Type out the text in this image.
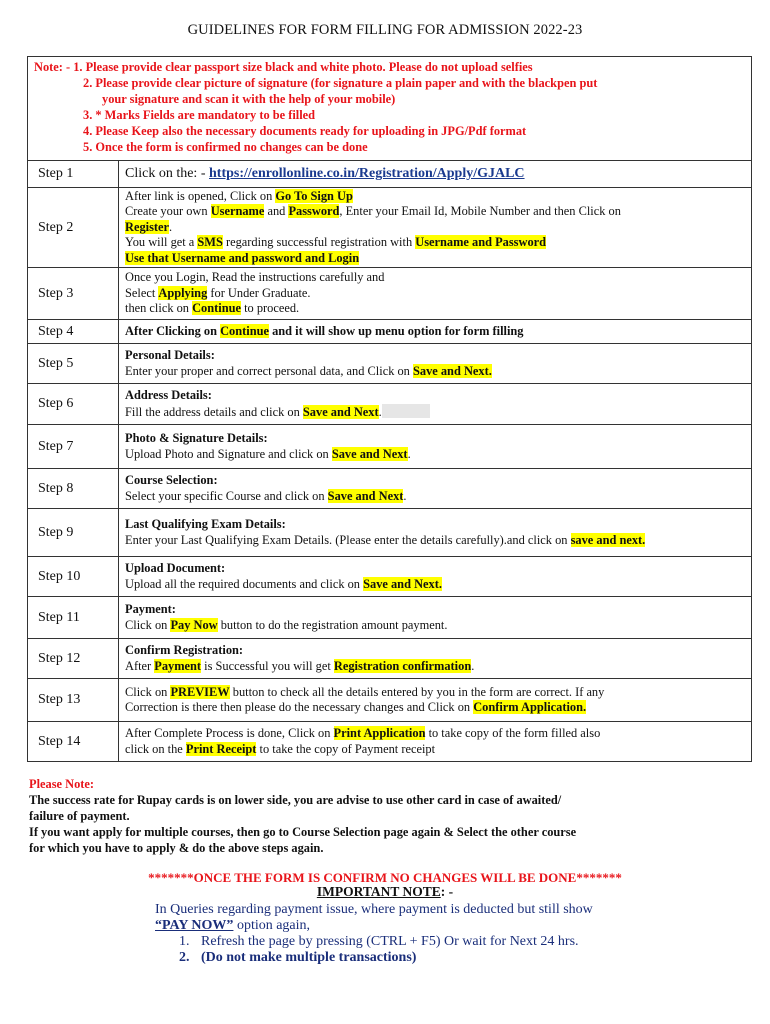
GUIDELINES FOR FORM FILLING FOR ADMISSION 2022-23
Note: - 1. Please provide clear passport size black and white photo. Please do not upload selfies
2. Please provide clear picture of signature (for signature a plain paper and with the blackpen put
your signature and scan it with the help of your mobile)
3. * Marks Fields are mandatory to be filled
4. Please Keep also the necessary documents ready for uploading in JPG/Pdf format
5. Once the form is confirmed no changes can be done
Step 1	Click on the: - https://enrollonline.co.in/Registration/Apply/GJALC
Step 2	After link is opened, Click on Go To Sign Up
Create your own Username and Password, Enter your Email Id, Mobile Number and then Click on
Register.
You will get a SMS regarding successful registration with Username and Password
Use that Username and password and Login

Step 3	Once you Login, Read the instructions carefully and
Select Applying for Under Graduate.
then click on Continue to proceed.

Step 4	After Clicking on Continue and it will show up menu option for form filling
Step 5	Personal Details:
Enter your proper and correct personal data, and Click on Save and Next.

Step 6	Address Details:
Fill the address details and click on Save and Next.

Step 7	Photo & Signature Details:
Upload Photo and Signature and click on Save and Next.

Step 8	Course Selection:
Select your specific Course and click on Save and Next.

Step 9	Last Qualifying Exam Details:
Enter your Last Qualifying Exam Details. (Please enter the details carefully).and click on save and next.

Step 10	Upload Document:
Upload all the required documents and click on Save and Next.

Step 11	Payment:
Click on Pay Now button to do the registration amount payment.

Step 12	Confirm Registration:
After Payment is Successful you will get Registration confirmation.

Step 13	Click on PREVIEW button to check all the details entered by you in the form are correct. If any
Correction is there then please do the necessary changes and Click on Confirm Application.

Step 14	After Complete Process is done, Click on Print Application to take copy of the form filled also
click on the Print Receipt to take the copy of Payment receipt
Please Note:
The success rate for Rupay cards is on lower side, you are advise to use other card in case of awaited/
failure of payment.
If you want apply for multiple courses, then go to Course Selection page again & Select the other course
for which you have to apply & do the above steps again.
*******ONCE THE FORM IS CONFIRM NO CHANGES WILL BE DONE*******
IMPORTANT NOTE: -
In Queries regarding payment issue, where payment is deducted but still show
“PAY NOW” option again,
1. Refresh the page by pressing (CTRL + F5) Or wait for Next 24 hrs.
2. (Do not make multiple transactions)
